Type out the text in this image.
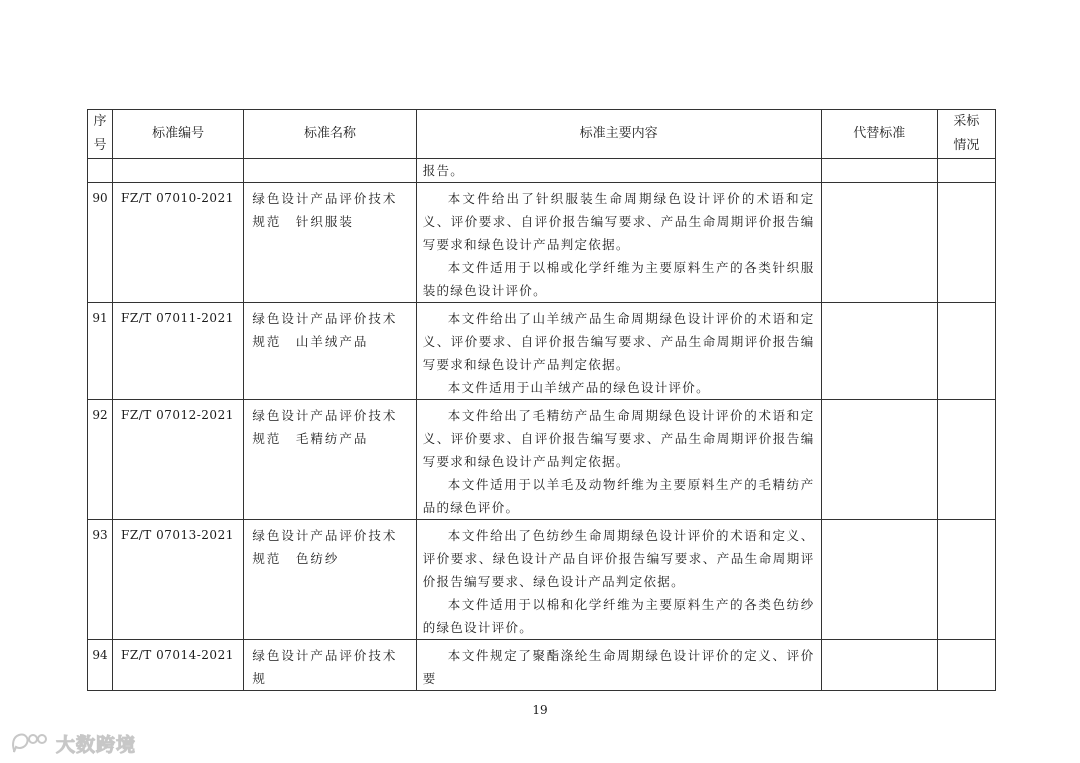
序号	标准编号	标准名称	标准主要内容	代替标准	采标情况
			报告。		
90	FZ/T 07010-2021	绿色设计产品评价技术规范　针织服装	本文件给出了针织服装生命周期绿色设计评价的术语和定义、评价要求、自评价报告编写要求、产品生命周期评价报告编写要求和绿色设计产品判定依据。

本文件适用于以棉或化学纤维为主要原料生产的各类针织服装的绿色设计评价。		

91	FZ/T 07011-2021	绿色设计产品评价技术规范　山羊绒产品	本文件给出了山羊绒产品生命周期绿色设计评价的术语和定义、评价要求、自评价报告编写要求、产品生命周期评价报告编写要求和绿色设计产品判定依据。

本文件适用于山羊绒产品的绿色设计评价。		

92	FZ/T 07012-2021	绿色设计产品评价技术规范　毛精纺产品	本文件给出了毛精纺产品生命周期绿色设计评价的术语和定义、评价要求、自评价报告编写要求、产品生命周期评价报告编写要求和绿色设计产品判定依据。

本文件适用于以羊毛及动物纤维为主要原料生产的毛精纺产品的绿色评价。		

93	FZ/T 07013-2021	绿色设计产品评价技术规范　色纺纱	本文件给出了色纺纱生命周期绿色设计评价的术语和定义、评价要求、绿色设计产品自评价报告编写要求、产品生命周期评价报告编写要求、绿色设计产品判定依据。

本文件适用于以棉和化学纤维为主要原料生产的各类色纺纱的绿色设计评价。		

94	FZ/T 07014-2021	绿色设计产品评价技术规	本文件规定了聚酯涤纶生命周期绿色设计评价的定义、评价要		

19
大数跨境
